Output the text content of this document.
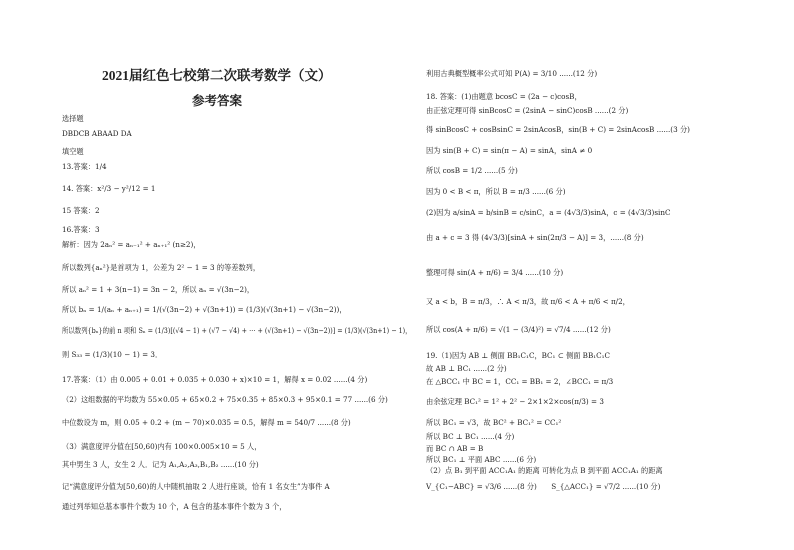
2021届红色七校第二次联考数学（文）
参考答案
选择题
DBDCB ABAAD DA
填空题
13.答案：1/4
14. 答案：x²/3 − y²/12 = 1
15 答案：2
16.答案：3
解析：因为 2aₙ² = aₙ₋₁² + aₙ₊₁² (n≥2)，
所以数列{aₙ²}是首项为 1，公差为 2² − 1 = 3 的等差数列，
所以 aₙ² = 1 + 3(n−1) = 3n − 2，所以 aₙ = √(3n−2)，
所以 bₙ = 1/(aₙ + aₙ₊₁) = 1/(√(3n−2) + √(3n+1)) = (1/3)(√(3n+1) − √(3n−2))，
所以数列{bₙ}的前 n 项和 Sₙ = (1/3)[(√4 − 1) + (√7 − √4) + ⋯ + (√(3n+1) − √(3n−2))] = (1/3)(√(3n+1) − 1)，
则 S₃₃ = (1/3)(10 − 1) = 3．
17.答案：（1）由 0.005 + 0.01 + 0.035 + 0.030 + x)×10 = 1，解得 x = 0.02 ......(4 分)
（2）这组数据的平均数为 55×0.05 + 65×0.2 + 75×0.35 + 85×0.3 + 95×0.1 = 77 ......(6 分)
中位数设为 m，则 0.05 + 0.2 + (m − 70)×0.035 = 0.5，解得 m = 540/7 ......(8 分)
（3）满意度评分值在[50,60)内有 100×0.005×10 = 5 人，
其中男生 3 人，女生 2 人．记为 A₁,A₂,A₃,B₁,B₂ ......(10 分)
记“满意度评分值为[50,60)的人中随机抽取 2 人进行座谈，恰有 1 名女生”为事件 A
通过列举知总基本事件个数为 10 个，A 包含的基本事件个数为 3 个，
利用古典概型概率公式可知 P(A) = 3/10 ......(12 分)
18. 答案：(1)由题意 bcosC = (2a − c)cosB，
由正弦定理可得 sinBcosC = (2sinA − sinC)cosB ......(2 分)
得 sinBcosC + cosBsinC = 2sinAcosB，sin(B + C) = 2sinAcosB ......(3 分)
因为 sin(B + C) = sin(π − A) = sinA，sinA ≠ 0
所以 cosB = 1/2 ......(5 分)
因为 0 < B < π，所以 B = π/3 ......(6 分)
(2)因为 a/sinA = b/sinB = c/sinC，a = (4√3/3)sinA，c = (4√3/3)sinC
由 a + c = 3 得 (4√3/3)[sinA + sin(2π/3 − A)] = 3，......(8 分)
整理可得 sin(A + π/6) = 3/4 ......(10 分)
又 a < b，B = π/3，∴ A < π/3，故 π/6 < A + π/6 < π/2，
所以 cos(A + π/6) = √(1 − (3/4)²) = √7/4 ......(12 分)
19.（1)因为 AB ⊥ 侧面 BB₁C₁C，BC₁ ⊂ 侧面 BB₁C₁C
故 AB ⊥ BC₁ ......(2 分)
在 △BCC₁ 中 BC = 1，CC₁ = BB₁ = 2，∠BCC₁ = π/3
由余弦定理 BC₁² = 1² + 2² − 2×1×2×cos(π/3) = 3
所以 BC₁ = √3，故 BC² + BC₁² = CC₁²
所以 BC ⊥ BC₁ ......(4 分)
而 BC ∩ AB = B
所以 BC₁ ⊥ 平面 ABC ......(6 分)
（2）点 B₁ 到平面 ACC₁A₁ 的距离 可转化为点 B 到平面 ACC₁A₁ 的距离
V_{C₁−ABC} = √3/6 ......(8 分)　　S_{△ACC₁} = √7/2 ......(10 分)
